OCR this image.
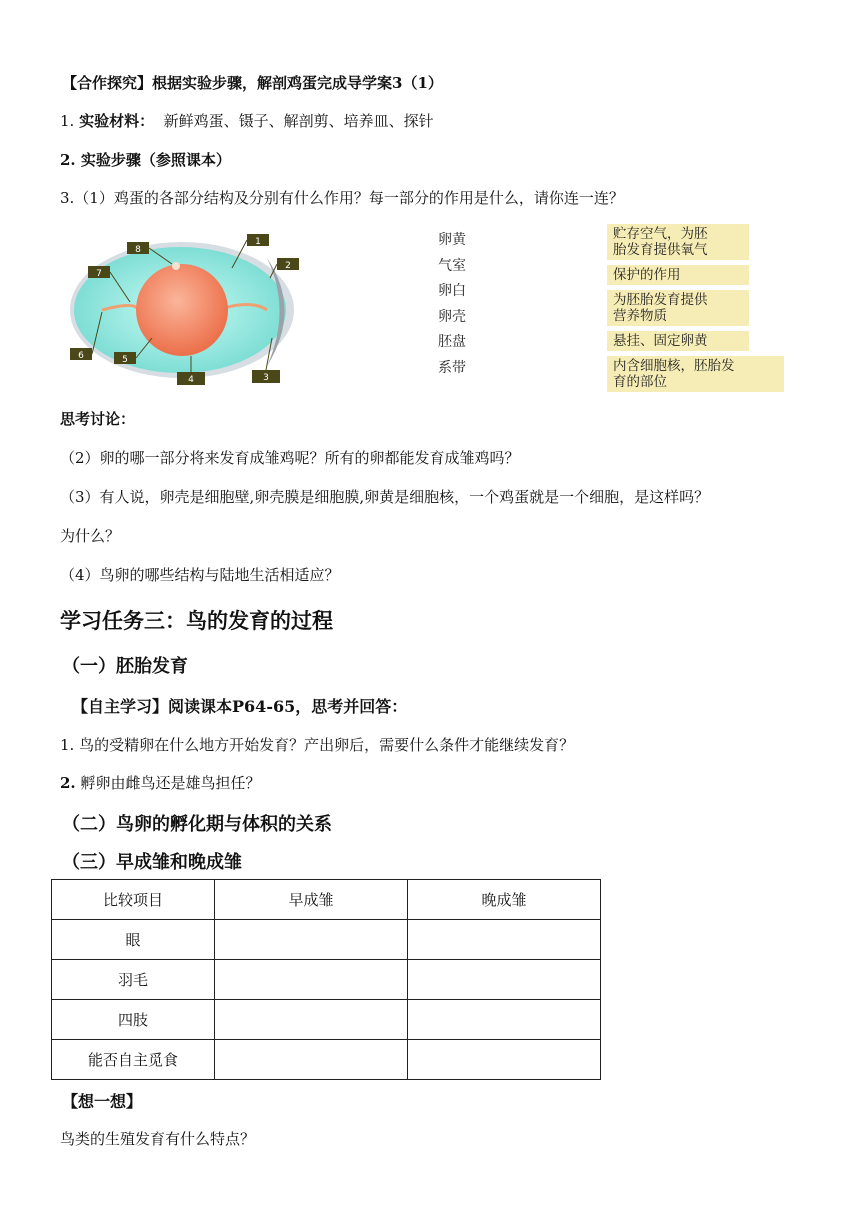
【合作探究】根据实验步骤，解剖鸡蛋完成导学案3（1）
1. 实验材料： 新鲜鸡蛋、镊子、解剖剪、培养皿、探针
2. 实验步骤（参照课本）
3.（1）鸡蛋的各部分结构及分别有什么作用？每一部分的作用是什么，请你连一连？
8
1
2
7
6	5
4	3
卵黄
气室
卵白
卵壳
胚盘
系带
贮存空气，为胚
胎发育提供氧气
保护的作用
为胚胎发育提供
营养物质
悬挂、固定卵黄
内含细胞核，胚胎发
育的部位
思考讨论：
（2）卵的哪一部分将来发育成雏鸡呢？所有的卵都能发育成雏鸡吗？
（3）有人说，卵壳是细胞壁,卵壳膜是细胞膜,卵黄是细胞核，一个鸡蛋就是一个细胞，是这样吗？
为什么？
（4）鸟卵的哪些结构与陆地生活相适应？
学习任务三：鸟的发育的过程
（一）胚胎发育
【自主学习】阅读课本P64-65，思考并回答：
1. 鸟的受精卵在什么地方开始发育？产出卵后，需要什么条件才能继续发育？
2. 孵卵由雌鸟还是雄鸟担任？
（二）鸟卵的孵化期与体积的关系
（三）早成雏和晚成雏
比较项目	早成雏	晚成雏
眼		
羽毛		
四肢		
能否自主觅食		
【想一想】
鸟类的生殖发育有什么特点？
